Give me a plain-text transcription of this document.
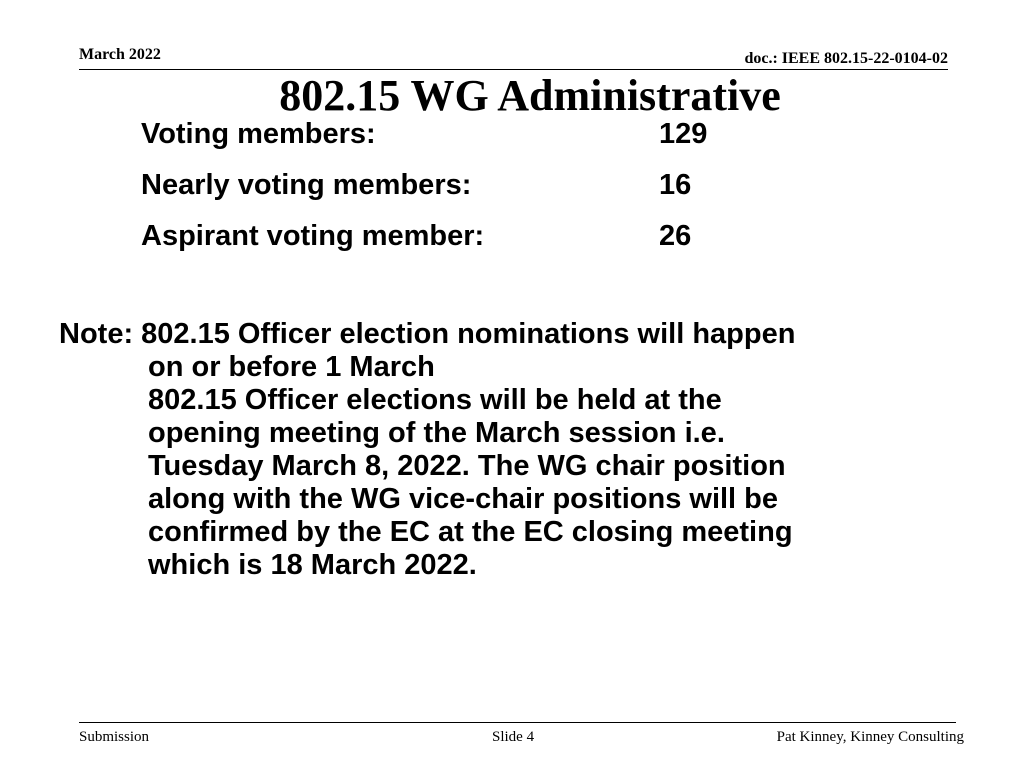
March 2022	doc.: IEEE 802.15-22-0104-02
802.15 WG Administrative
Voting members:	129
Nearly voting members:	16
Aspirant voting member:	26
Note: 802.15 Officer election nominations will happen
on or before 1 March
802.15 Officer elections will be held at the
opening meeting of the March session i.e.
Tuesday March 8, 2022. The WG chair position
along with the WG vice-chair positions will be
confirmed by the EC at the EC closing meeting
which is 18 March 2022.
Submission	Slide 4	Pat Kinney, Kinney Consulting
